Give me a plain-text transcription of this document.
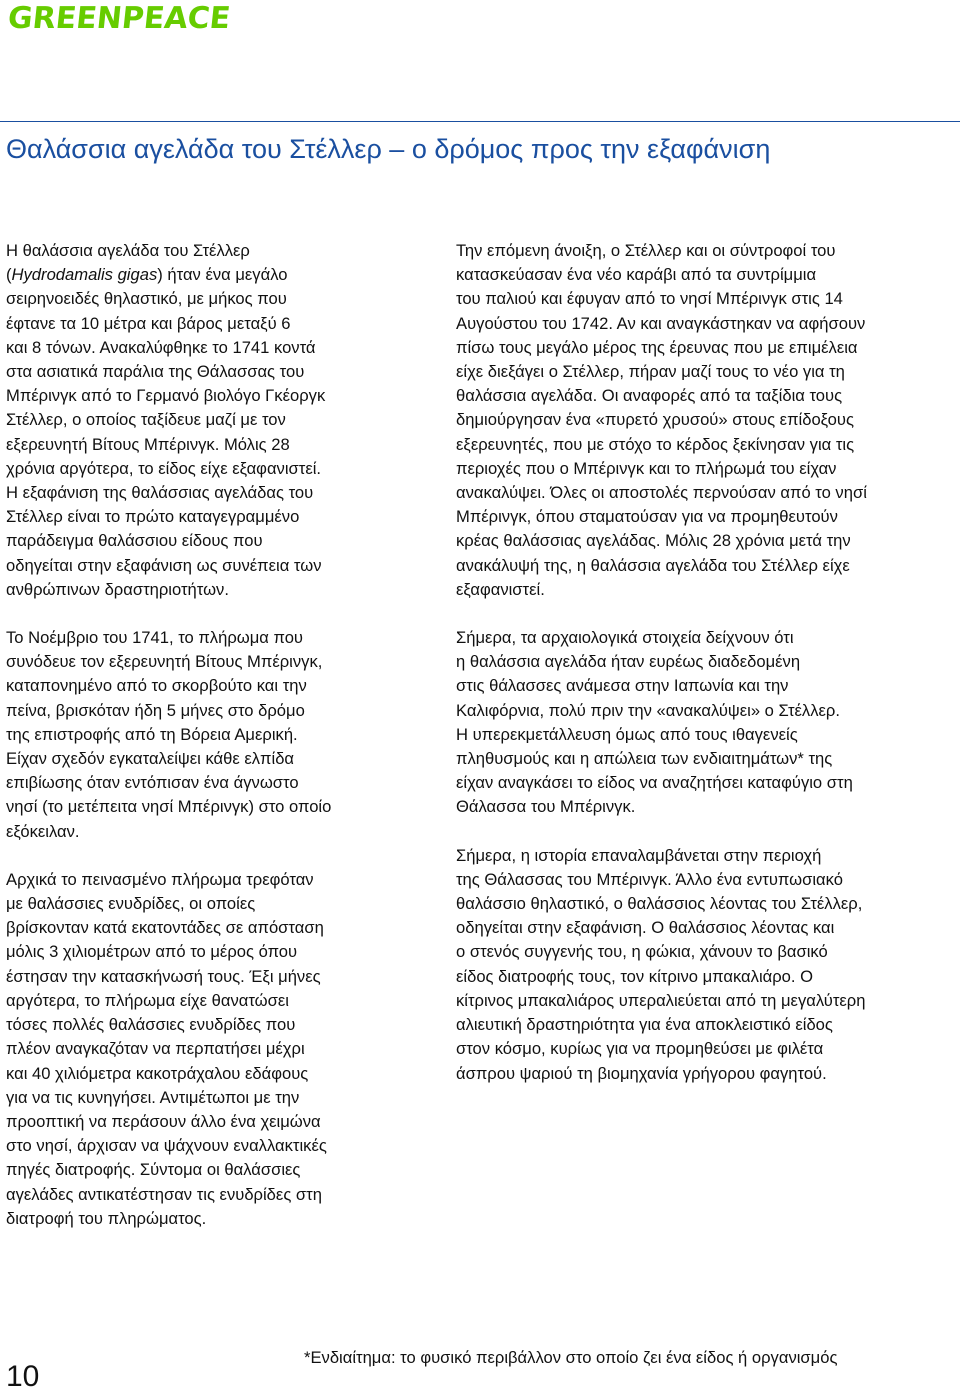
GREENPEACE
Θαλάσσια αγελάδα του Στέλλερ – ο δρόμος προς την εξαφάνιση
Η θαλάσσια αγελάδα του Στέλλερ
(Hydrodamalis gigas) ήταν ένα μεγάλο
σειρηνοειδές θηλαστικό, με μήκος που
έφτανε τα 10 μέτρα και βάρος μεταξύ 6
και 8 τόνων. Ανακαλύφθηκε το 1741 κοντά
στα ασιατικά παράλια της Θάλασσας του
Μπέρινγκ από το Γερμανό βιολόγο Γκέοργκ
Στέλλερ, ο οποίος ταξίδευε μαζί με τον
εξερευνητή Βίτους Μπέρινγκ. Μόλις 28
χρόνια αργότερα, το είδος είχε εξαφανιστεί.
Η εξαφάνιση της θαλάσσιας αγελάδας του
Στέλλερ είναι το πρώτο καταγεγραμμένο
παράδειγμα θαλάσσιου είδους που
οδηγείται στην εξαφάνιση ως συνέπεια των
ανθρώπινων δραστηριοτήτων.
Το Νοέμβριο του 1741, το πλήρωμα που
συνόδευε τον εξερευνητή Βίτους Μπέρινγκ,
καταπονημένο από το σκορβούτο και την
πείνα, βρισκόταν ήδη 5 μήνες στο δρόμο
της επιστροφής από τη Βόρεια Αμερική.
Είχαν σχεδόν εγκαταλείψει κάθε ελπίδα
επιβίωσης όταν εντόπισαν ένα άγνωστο
νησί (το μετέπειτα νησί Μπέρινγκ) στο οποίο
εξόκειλαν.
Αρχικά το πεινασμένο πλήρωμα τρεφόταν
με θαλάσσιες ενυδρίδες, οι οποίες
βρίσκονταν κατά εκατοντάδες σε απόσταση
μόλις 3 χιλιομέτρων από το μέρος όπου
έστησαν την κατασκήνωσή τους. Έξι μήνες
αργότερα, το πλήρωμα είχε θανατώσει
τόσες πολλές θαλάσσιες ενυδρίδες που
πλέον αναγκαζόταν να περπατήσει μέχρι
και 40 χιλιόμετρα κακοτράχαλου εδάφους
για να τις κυνηγήσει. Αντιμέτωποι με την
προοπτική να περάσουν άλλο ένα χειμώνα
στο νησί, άρχισαν να ψάχνουν εναλλακτικές
πηγές διατροφής. Σύντομα οι θαλάσσιες
αγελάδες αντικατέστησαν τις ενυδρίδες στη
διατροφή του πληρώματος.
Την επόμενη άνοιξη, ο Στέλλερ και οι σύντροφοί του
κατασκεύασαν ένα νέο καράβι από τα συντρίμμια
του παλιού και έφυγαν από το νησί Μπέρινγκ στις 14
Αυγούστου του 1742. Αν και αναγκάστηκαν να αφήσουν
πίσω τους μεγάλο μέρος της έρευνας που με επιμέλεια
είχε διεξάγει ο Στέλλερ, πήραν μαζί τους το νέο για τη
θαλάσσια αγελάδα. Οι αναφορές από τα ταξίδια τους
δημιούργησαν ένα «πυρετό χρυσού» στους επίδοξους
εξερευνητές, που με στόχο το κέρδος ξεκίνησαν για τις
περιοχές που ο Μπέρινγκ και το πλήρωμά του είχαν
ανακαλύψει. Όλες οι αποστολές περνούσαν από το νησί
Μπέρινγκ, όπου σταματούσαν για να προμηθευτούν
κρέας θαλάσσιας αγελάδας. Μόλις 28 χρόνια μετά την
ανακάλυψή της, η θαλάσσια αγελάδα του Στέλλερ είχε
εξαφανιστεί.
Σήμερα, τα αρχαιολογικά στοιχεία δείχνουν ότι
η θαλάσσια αγελάδα ήταν ευρέως διαδεδομένη
στις θάλασσες ανάμεσα στην Ιαπωνία και την
Καλιφόρνια, πολύ πριν την «ανακαλύψει» ο Στέλλερ.
Η υπερεκμετάλλευση όμως από τους ιθαγενείς
πληθυσμούς και η απώλεια των ενδιαιτημάτων* της
είχαν αναγκάσει το είδος να αναζητήσει καταφύγιο στη
Θάλασσα του Μπέρινγκ.
Σήμερα, η ιστορία επαναλαμβάνεται στην περιοχή
της Θάλασσας του Μπέρινγκ. Άλλο ένα εντυπωσιακό
θαλάσσιο θηλαστικό, ο θαλάσσιος λέοντας του Στέλλερ,
οδηγείται στην εξαφάνιση. Ο θαλάσσιος λέοντας και
ο στενός συγγενής του, η φώκια, χάνουν το βασικό
είδος διατροφής τους, τον κίτρινο μπακαλιάρο. Ο
κίτρινος μπακαλιάρος υπεραλιεύεται από τη μεγαλύτερη
αλιευτική δραστηριότητα για ένα αποκλειστικό είδος
στον κόσμο, κυρίως για να προμηθεύσει με φιλέτα
άσπρου ψαριού τη βιομηχανία γρήγορου φαγητού.
10
*Ενδιαίτημα: το φυσικό περιβάλλον στο οποίο ζει ένα είδος ή οργανισμός
